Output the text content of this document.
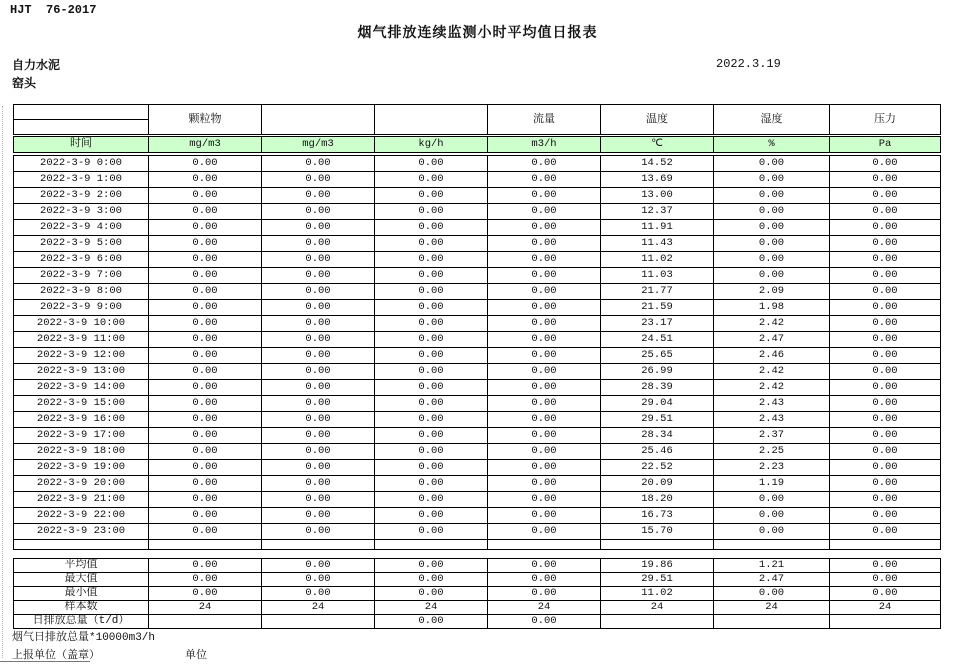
HJT  76-2017
烟气排放连续监测小时平均值日报表
自力水泥
窑头
2022.3.19
	颗粒物			流量	温度	湿度	压力

时间	mg/m3	mg/m3	kg/h	m3/h	℃	%	Pa
2022-3-9 0:00	0.00	0.00	0.00	0.00	14.52	0.00	0.00
2022-3-9 1:00	0.00	0.00	0.00	0.00	13.69	0.00	0.00
2022-3-9 2:00	0.00	0.00	0.00	0.00	13.00	0.00	0.00
2022-3-9 3:00	0.00	0.00	0.00	0.00	12.37	0.00	0.00
2022-3-9 4:00	0.00	0.00	0.00	0.00	11.91	0.00	0.00
2022-3-9 5:00	0.00	0.00	0.00	0.00	11.43	0.00	0.00
2022-3-9 6:00	0.00	0.00	0.00	0.00	11.02	0.00	0.00
2022-3-9 7:00	0.00	0.00	0.00	0.00	11.03	0.00	0.00
2022-3-9 8:00	0.00	0.00	0.00	0.00	21.77	2.09	0.00
2022-3-9 9:00	0.00	0.00	0.00	0.00	21.59	1.98	0.00
2022-3-9 10:00	0.00	0.00	0.00	0.00	23.17	2.42	0.00
2022-3-9 11:00	0.00	0.00	0.00	0.00	24.51	2.47	0.00
2022-3-9 12:00	0.00	0.00	0.00	0.00	25.65	2.46	0.00
2022-3-9 13:00	0.00	0.00	0.00	0.00	26.99	2.42	0.00
2022-3-9 14:00	0.00	0.00	0.00	0.00	28.39	2.42	0.00
2022-3-9 15:00	0.00	0.00	0.00	0.00	29.04	2.43	0.00
2022-3-9 16:00	0.00	0.00	0.00	0.00	29.51	2.43	0.00
2022-3-9 17:00	0.00	0.00	0.00	0.00	28.34	2.37	0.00
2022-3-9 18:00	0.00	0.00	0.00	0.00	25.46	2.25	0.00
2022-3-9 19:00	0.00	0.00	0.00	0.00	22.52	2.23	0.00
2022-3-9 20:00	0.00	0.00	0.00	0.00	20.09	1.19	0.00
2022-3-9 21:00	0.00	0.00	0.00	0.00	18.20	0.00	0.00
2022-3-9 22:00	0.00	0.00	0.00	0.00	16.73	0.00	0.00
2022-3-9 23:00	0.00	0.00	0.00	0.00	15.70	0.00	0.00

平均值	0.00	0.00	0.00	0.00	19.86	1.21	0.00
最大值	0.00	0.00	0.00	0.00	29.51	2.47	0.00
最小值	0.00	0.00	0.00	0.00	11.02	0.00	0.00
样本数	24	24	24	24	24	24	24
日排放总量（t/d）			0.00	0.00			
烟气日排放总量*10000m3/h
上报单位（盖章）	单位
